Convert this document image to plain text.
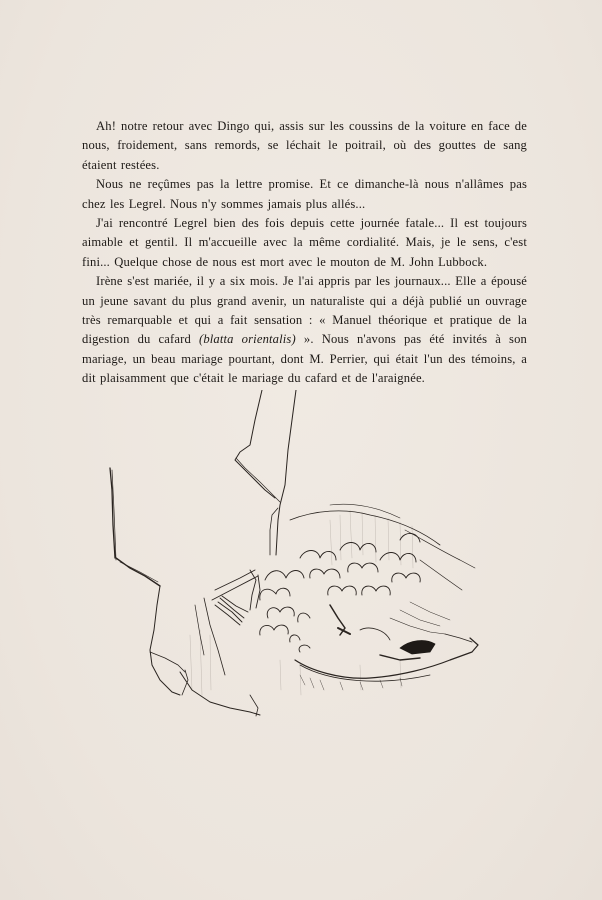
Ah! notre retour avec Dingo qui, assis sur les coussins de la voiture en face de nous, froidement, sans remords, se léchait le poitrail, où des gouttes de sang étaient restées.

Nous ne reçûmes pas la lettre promise. Et ce dimanche-là nous n'allâmes pas chez les Legrel. Nous n'y sommes jamais plus allés...

J'ai rencontré Legrel bien des fois depuis cette journée fatale... Il est toujours aimable et gentil. Il m'accueille avec la même cordialité. Mais, je le sens, c'est fini... Quelque chose de nous est mort avec le mouton de M. John Lubbock.

Irène s'est mariée, il y a six mois. Je l'ai appris par les journaux... Elle a épousé un jeune savant du plus grand avenir, un naturaliste qui a déjà publié un ouvrage très remarquable et qui a fait sensation : « Manuel théorique et pratique de la digestion du cafard (blatta orientalis) ». Nous n'avons pas été invités à son mariage, un beau mariage pourtant, dont M. Perrier, qui était l'un des témoins, a dit plaisamment que c'était le mariage du cafard et de l'araignée.
